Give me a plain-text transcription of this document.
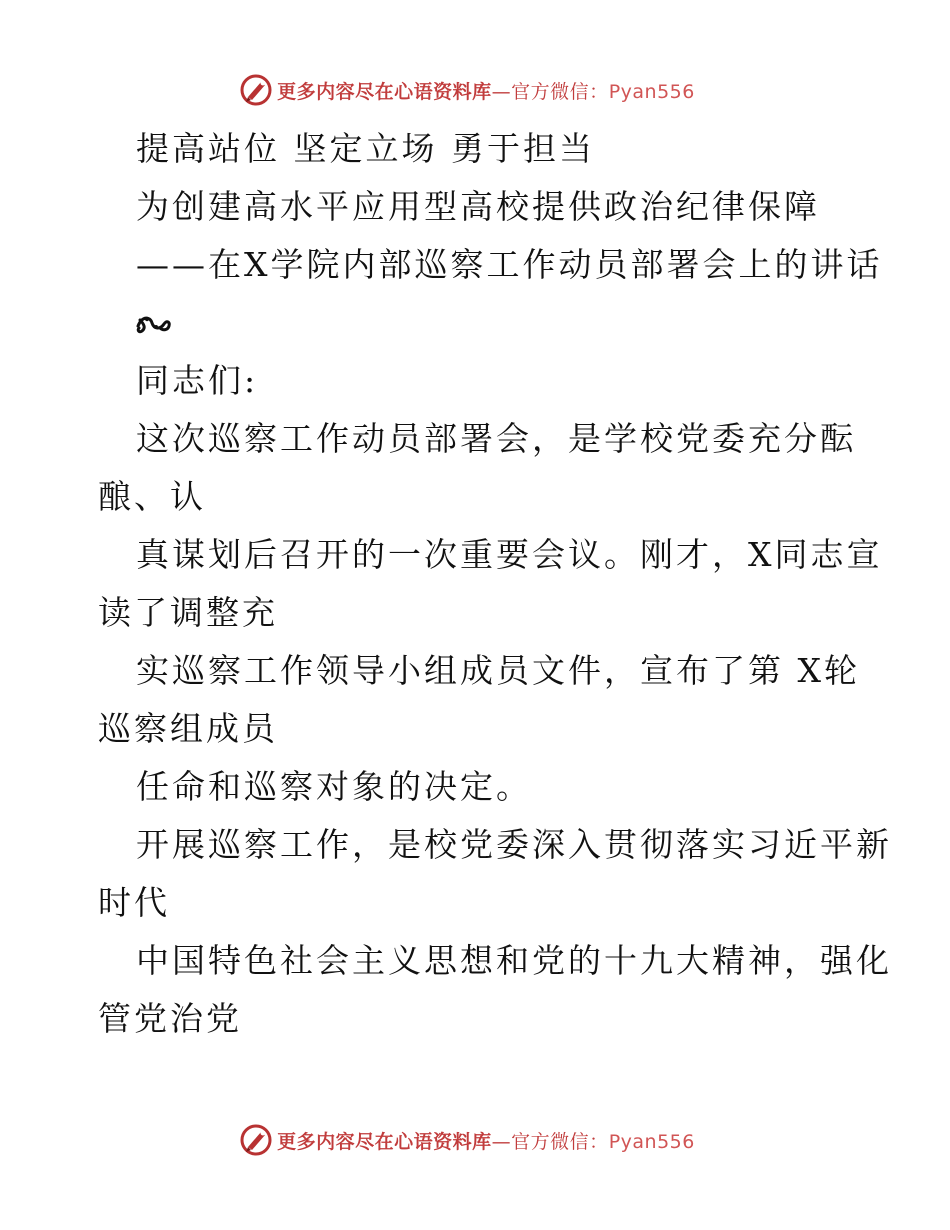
更多内容尽在心语资料库—官方微信：Pyan556
提高站位 坚定立场 勇于担当
为创建高水平应用型高校提供政治纪律保障
——在X学院内部巡察工作动员部署会上的讲话
同志们:
这次巡察工作动员部署会，是学校党委充分酝
酿、认
真谋划后召开的一次重要会议。刚才，X同志宣
读了调整充
实巡察工作领导小组成员文件，宣布了第 X轮
巡察组成员
任命和巡察对象的决定。
开展巡察工作，是校党委深入贯彻落实习近平新
时代
中国特色社会主义思想和党的十九大精神，强化
管党治党
更多内容尽在心语资料库—官方微信：Pyan556
